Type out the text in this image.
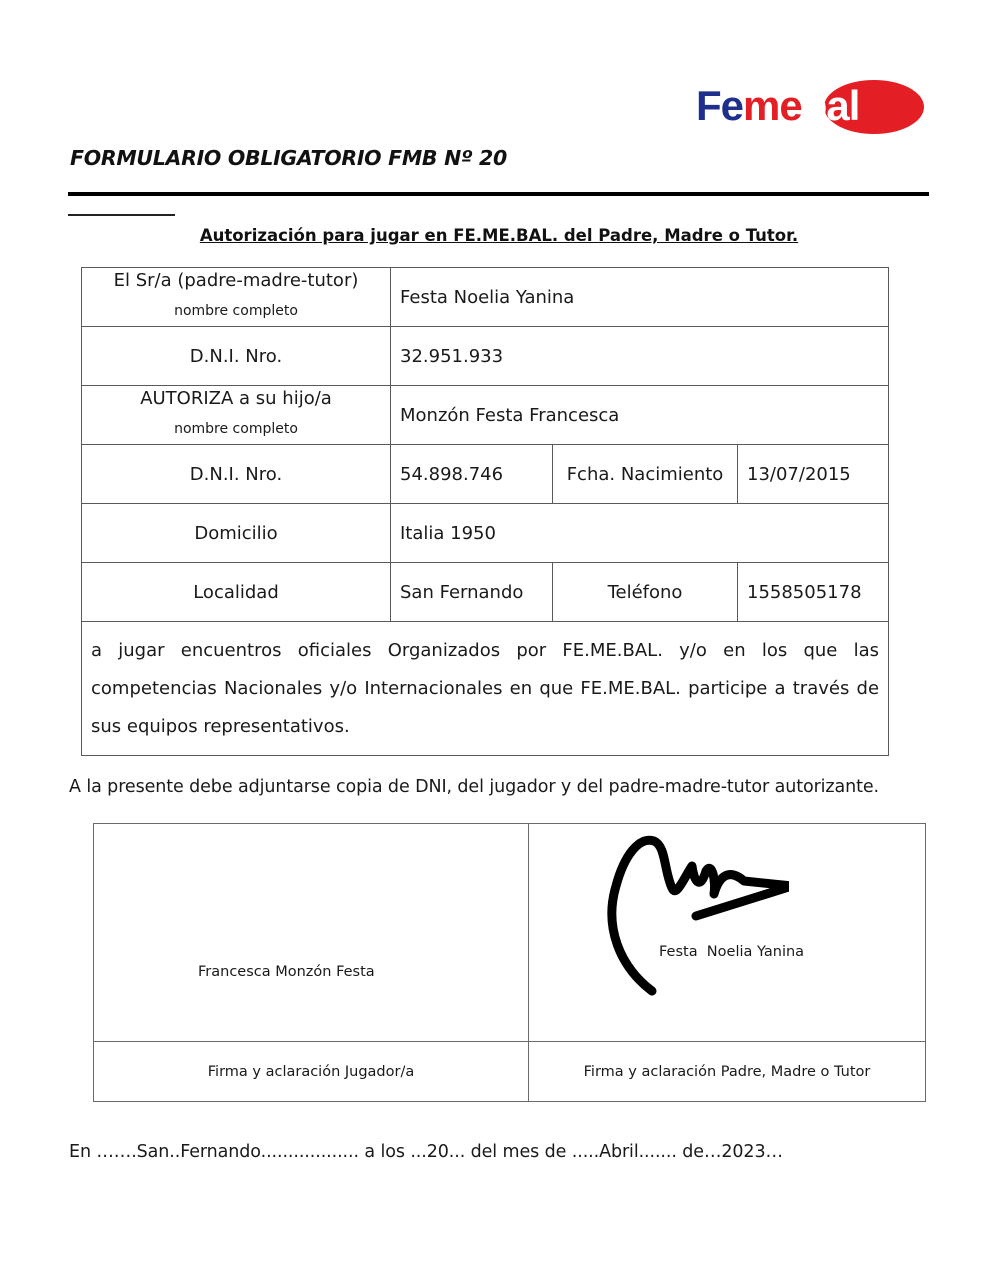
Femebal
FORMULARIO OBLIGATORIO FMB Nº 20
Autorización para jugar en FE.ME.BAL. del Padre, Madre o Tutor.
El Sr/a (padre-madre-tutor)
nombre completo	Festa Noelia Yanina		
D.N.I. Nro.	32.951.933		

AUTORIZA a su hijo/a
nombre completo	Monzón Festa Francesca		
D.N.I. Nro.	54.898.746	Fcha. Nacimiento	13/07/2015
Domicilio	Italia 1950		
Localidad	San Fernando	Teléfono	1558505178
a jugar encuentros oficiales Organizados por FE.ME.BAL. y/o en los que las competencias Nacionales y/o Internacionales en que FE.ME.BAL. participe a través de sus equipos representativos.			
A la presente debe adjuntarse copia de DNI, del jugador y del padre-madre-tutor autorizante.
Francesca Monzón Festa	Festa  Noelia Yanina

Firma y aclaración Jugador/a	Firma y aclaración Padre, Madre o Tutor
En …….San..Fernando.................. a los ...20... del mes de .....Abril....... de…2023…
